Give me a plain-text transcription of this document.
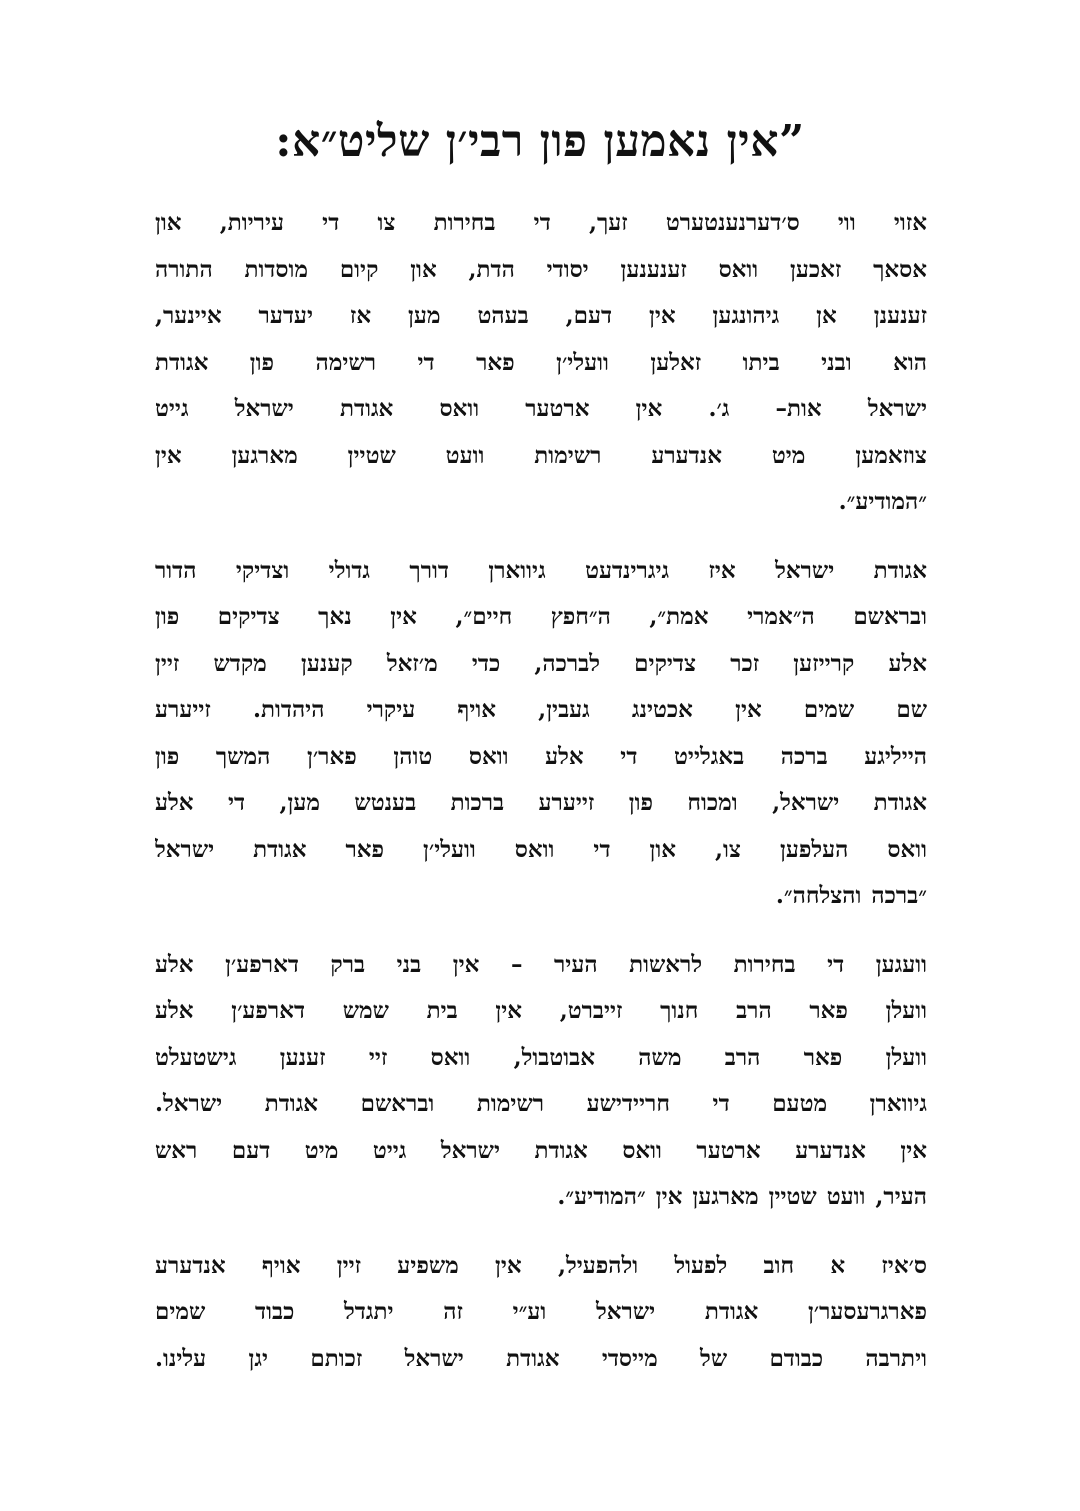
”אין נאמען פון רבי׳ן שליט״א:

אזוי ווי ס׳דערנענטערט זעך, די בחירות צו די עיריות, און
אסאך זאכען וואס זענענען יסודי הדת, און קיום מוסדות התורה
זענענן אן גיהונגען אין דעם, בעהט מען אז יעדער איינער,
הוא ובני ביתו זאלען וועלי׳ן פאר די רשימה פון אגודת
ישראל אות– ג׳. אין ארטער וואס אגודת ישראל גייט
צוזאמען מיט אנדערע רשימות וועט שטיין מארגען אין
״המודיע״.

אגודת ישראל איז גיגרינדעט גיווארן דורך גדולי וצדיקי הדור
ובראשם ה״אמרי אמת״, ה״חפץ חיים״, אין נאך צדיקים פון
אלע קרייזען זכר צדיקים לברכה, כדי מ׳זאל קענען מקדש זיין
שם שמים אין אכטינג געבין, אויף עיקרי היהדות. זייערע
הייליגע ברכה באגלייט די אלע וואס טוהן פאר׳ן המשך פון
אגודת ישראל, ומכוח פון זייערע ברכות בענטש מען, די אלע
וואס העלפען צו, און די וואס וועלי׳ן פאר אגודת ישראל
״ברכה והצלחה״.

וועגען די בחירות לראשות העיר – אין בני ברק דארפע׳ן אלע
וועלן פאר הרב חנוך זייברט, אין בית שמש דארפע׳ן אלע
וועלן פאר הרב משה אבוטבול, וואס זיי זענען גישטעלט
גיווארן מטעם די חריידישע רשימות ובראשם אגודת ישראל.
אין אנדערע ארטער וואס אגודת ישראל גייט מיט דעם ראש
העיר, וועט שטיין מארגען אין ״המודיע״.

ס׳איז א חוב לפעול ולהפעיל, אין משפיע זיין אויף אנדערע
פארגרעסער׳ן אגודת ישראל וע״י זה יתגדל כבוד שמים
ויתרבה כבודם של מייסדי אגודת ישראל זכותם יגן עלינו.
